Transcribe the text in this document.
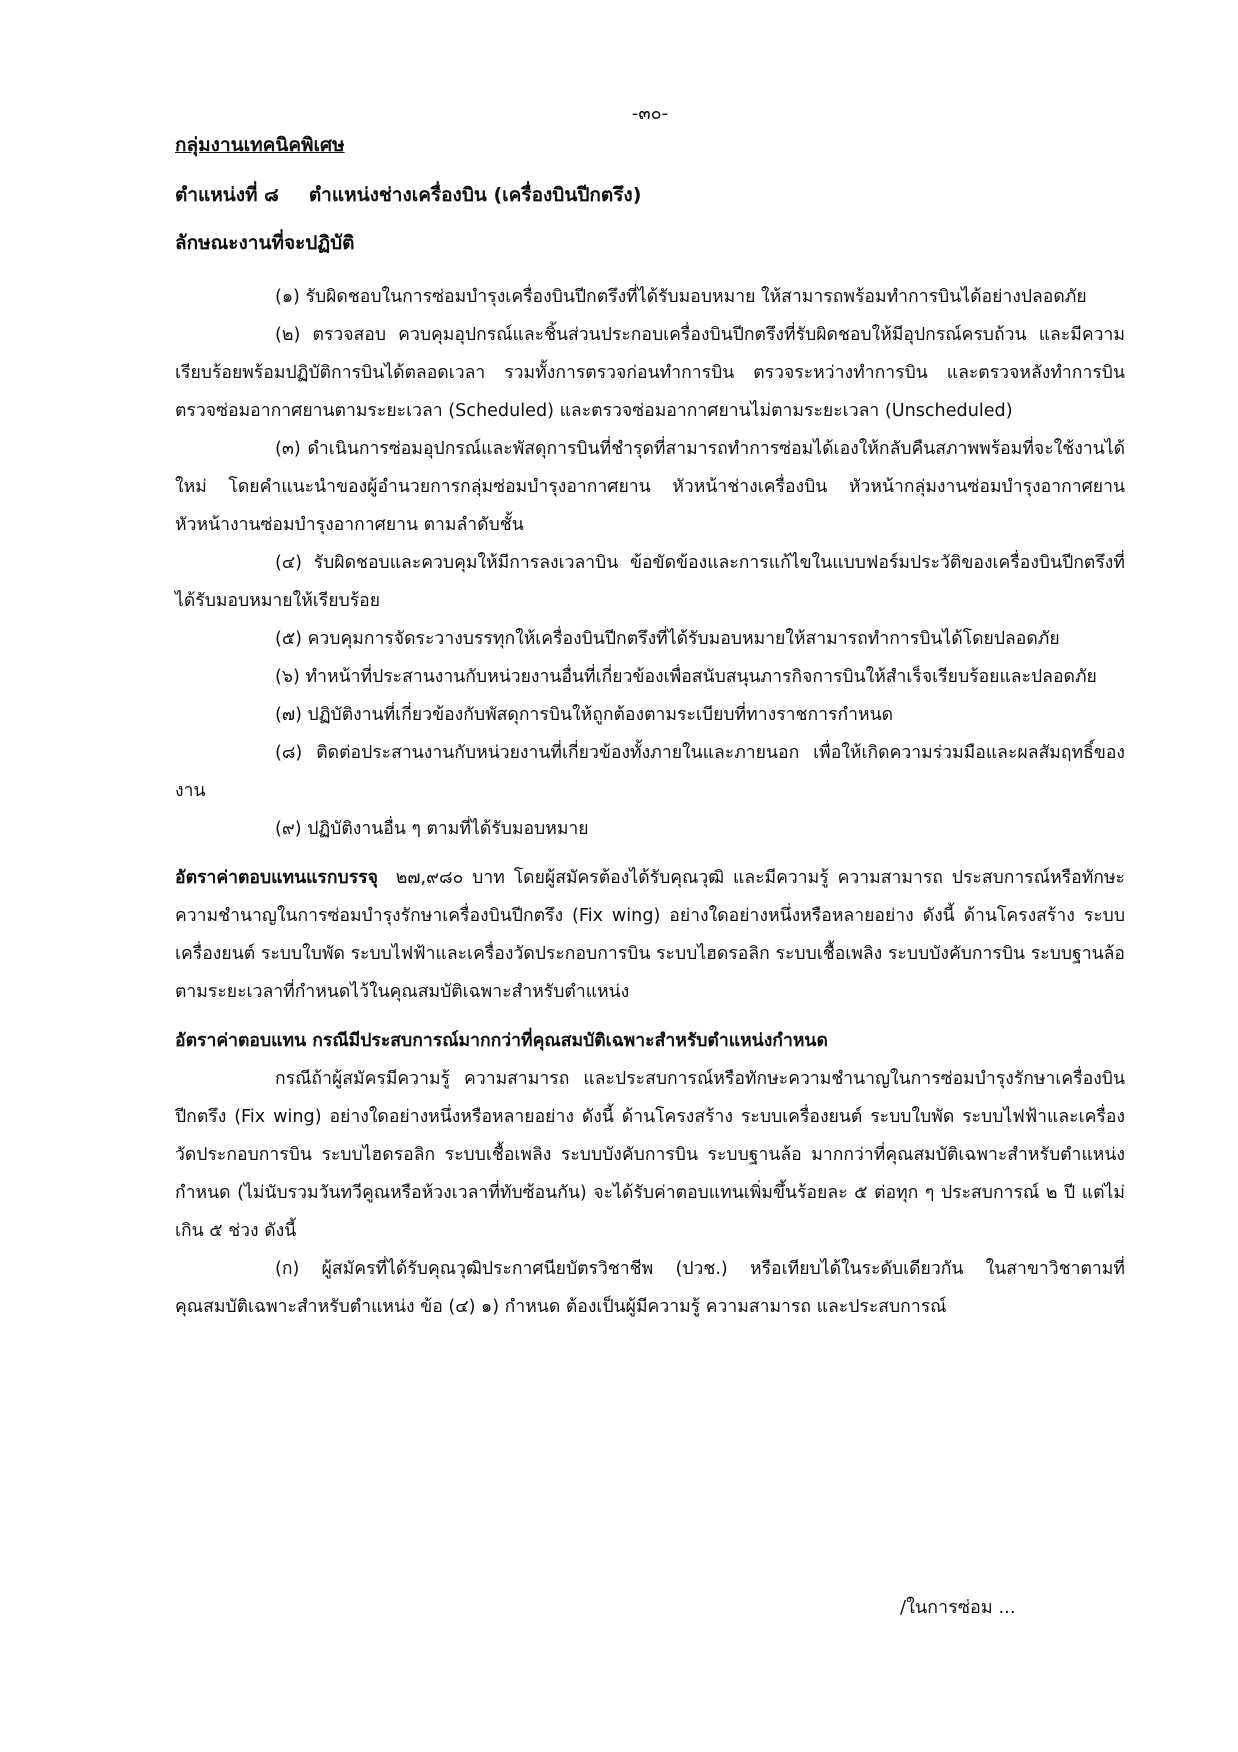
-๓๐-
กลุ่มงานเทคนิคพิเศษ
ตำแหน่งที่ ๘ ตำแหน่งช่างเครื่องบิน (เครื่องบินปีกตรึง)
ลักษณะงานที่จะปฏิบัติ

(๑) รับผิดชอบในการซ่อมบำรุงเครื่องบินปีกตรึงที่ได้รับมอบหมาย ให้สามารถพร้อมทำการบินได้อย่างปลอดภัย

(๒) ตรวจสอบ ควบคุมอุปกรณ์และชิ้นส่วนประกอบเครื่องบินปีกตรึงที่รับผิดชอบให้มีอุปกรณ์ครบถ้วน และมีความเรียบร้อยพร้อมปฏิบัติการบินได้ตลอดเวลา รวมทั้งการตรวจก่อนทำการบิน ตรวจระหว่างทำการบิน และตรวจหลังทำการบิน ตรวจซ่อมอากาศยานตามระยะเวลา (Scheduled) และตรวจซ่อมอากาศยานไม่ตามระยะเวลา (Unscheduled)

(๓) ดำเนินการซ่อมอุปกรณ์และพัสดุการบินที่ชำรุดที่สามารถทำการซ่อมได้เองให้กลับคืนสภาพพร้อมที่จะใช้งานได้ใหม่ โดยคำแนะนำของผู้อำนวยการกลุ่มซ่อมบำรุงอากาศยาน หัวหน้าช่างเครื่องบิน หัวหน้ากลุ่มงานซ่อมบำรุงอากาศยาน หัวหน้างานซ่อมบำรุงอากาศยาน ตามลำดับชั้น

(๔) รับผิดชอบและควบคุมให้มีการลงเวลาบิน ข้อขัดข้องและการแก้ไขในแบบฟอร์มประวัติของเครื่องบินปีกตรึงที่ได้รับมอบหมายให้เรียบร้อย

(๕) ควบคุมการจัดระวางบรรทุกให้เครื่องบินปีกตรึงที่ได้รับมอบหมายให้สามารถทำการบินได้โดยปลอดภัย

(๖) ทำหน้าที่ประสานงานกับหน่วยงานอื่นที่เกี่ยวข้องเพื่อสนับสนุนภารกิจการบินให้สำเร็จเรียบร้อยและปลอดภัย

(๗) ปฏิบัติงานที่เกี่ยวข้องกับพัสดุการบินให้ถูกต้องตามระเบียบที่ทางราชการกำหนด

(๘) ติดต่อประสานงานกับหน่วยงานที่เกี่ยวข้องทั้งภายในและภายนอก เพื่อให้เกิดความร่วมมือและผลสัมฤทธิ์ของงาน

(๙) ปฏิบัติงานอื่น ๆ ตามที่ได้รับมอบหมาย

อัตราค่าตอบแทนแรกบรรจุ ๒๗,๙๘๐ บาท โดยผู้สมัครต้องได้รับคุณวุฒิ และมีความรู้ ความสามารถ ประสบการณ์หรือทักษะความชำนาญในการซ่อมบำรุงรักษาเครื่องบินปีกตรึง (Fix wing) อย่างใดอย่างหนึ่งหรือหลายอย่าง ดังนี้ ด้านโครงสร้าง ระบบเครื่องยนต์ ระบบใบพัด ระบบไฟฟ้าและเครื่องวัดประกอบการบิน ระบบไฮดรอลิก ระบบเชื้อเพลิง ระบบบังคับการบิน ระบบฐานล้อ ตามระยะเวลาที่กำหนดไว้ในคุณสมบัติเฉพาะสำหรับตำแหน่ง

อัตราค่าตอบแทน กรณีมีประสบการณ์มากกว่าที่คุณสมบัติเฉพาะสำหรับตำแหน่งกำหนด

กรณีถ้าผู้สมัครมีความรู้ ความสามารถ และประสบการณ์หรือทักษะความชำนาญในการซ่อมบำรุงรักษาเครื่องบินปีกตรึง (Fix wing) อย่างใดอย่างหนึ่งหรือหลายอย่าง ดังนี้ ด้านโครงสร้าง ระบบเครื่องยนต์ ระบบใบพัด ระบบไฟฟ้าและเครื่องวัดประกอบการบิน ระบบไฮดรอลิก ระบบเชื้อเพลิง ระบบบังคับการบิน ระบบฐานล้อ มากกว่าที่คุณสมบัติเฉพาะสำหรับตำแหน่งกำหนด (ไม่นับรวมวันทวีคูณหรือห้วงเวลาที่ทับซ้อนกัน) จะได้รับค่าตอบแทนเพิ่มขึ้นร้อยละ ๕ ต่อทุก ๆ ประสบการณ์ ๒ ปี แต่ไม่เกิน ๕ ช่วง ดังนี้

(ก) ผู้สมัครที่ได้รับคุณวุฒิประกาศนียบัตรวิชาชีพ (ปวช.) หรือเทียบได้ในระดับเดียวกัน ในสาขาวิชาตามที่คุณสมบัติเฉพาะสำหรับตำแหน่ง ข้อ (๔) ๑) กำหนด ต้องเป็นผู้มีความรู้ ความสามารถ และประสบการณ์

/ในการซ่อม ...
